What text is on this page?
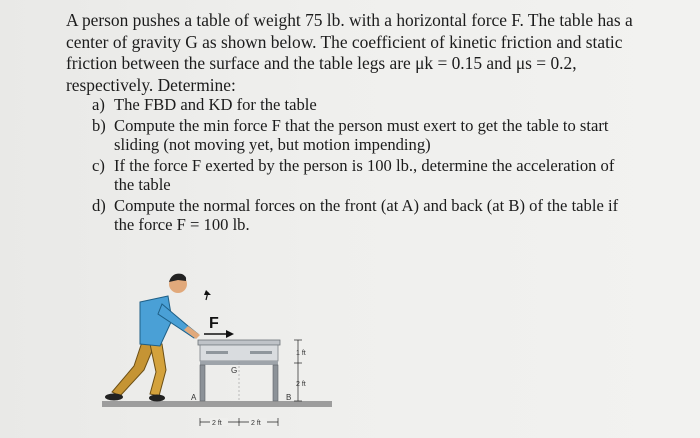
A person pushes a table of weight 75 lb. with a horizontal force F. The table has a

center of gravity G as shown below. The coefficient of kinetic friction and static

friction between the surface and the table legs are μk = 0.15 and μs = 0.2,

respectively. Determine:

a) The FBD and KD for the table
b) Compute the min force F that the person must exert to get the table to start
sliding (not moving yet, but motion impending)
c) If the force F exerted by the person is 100 lb., determine the acceleration of
the table
d) Compute the normal forces on the front (at A) and back (at B) of the table if
the force F = 100 lb.
F
G
A	B
1 ft
2 ft
2 ft	2 ft
